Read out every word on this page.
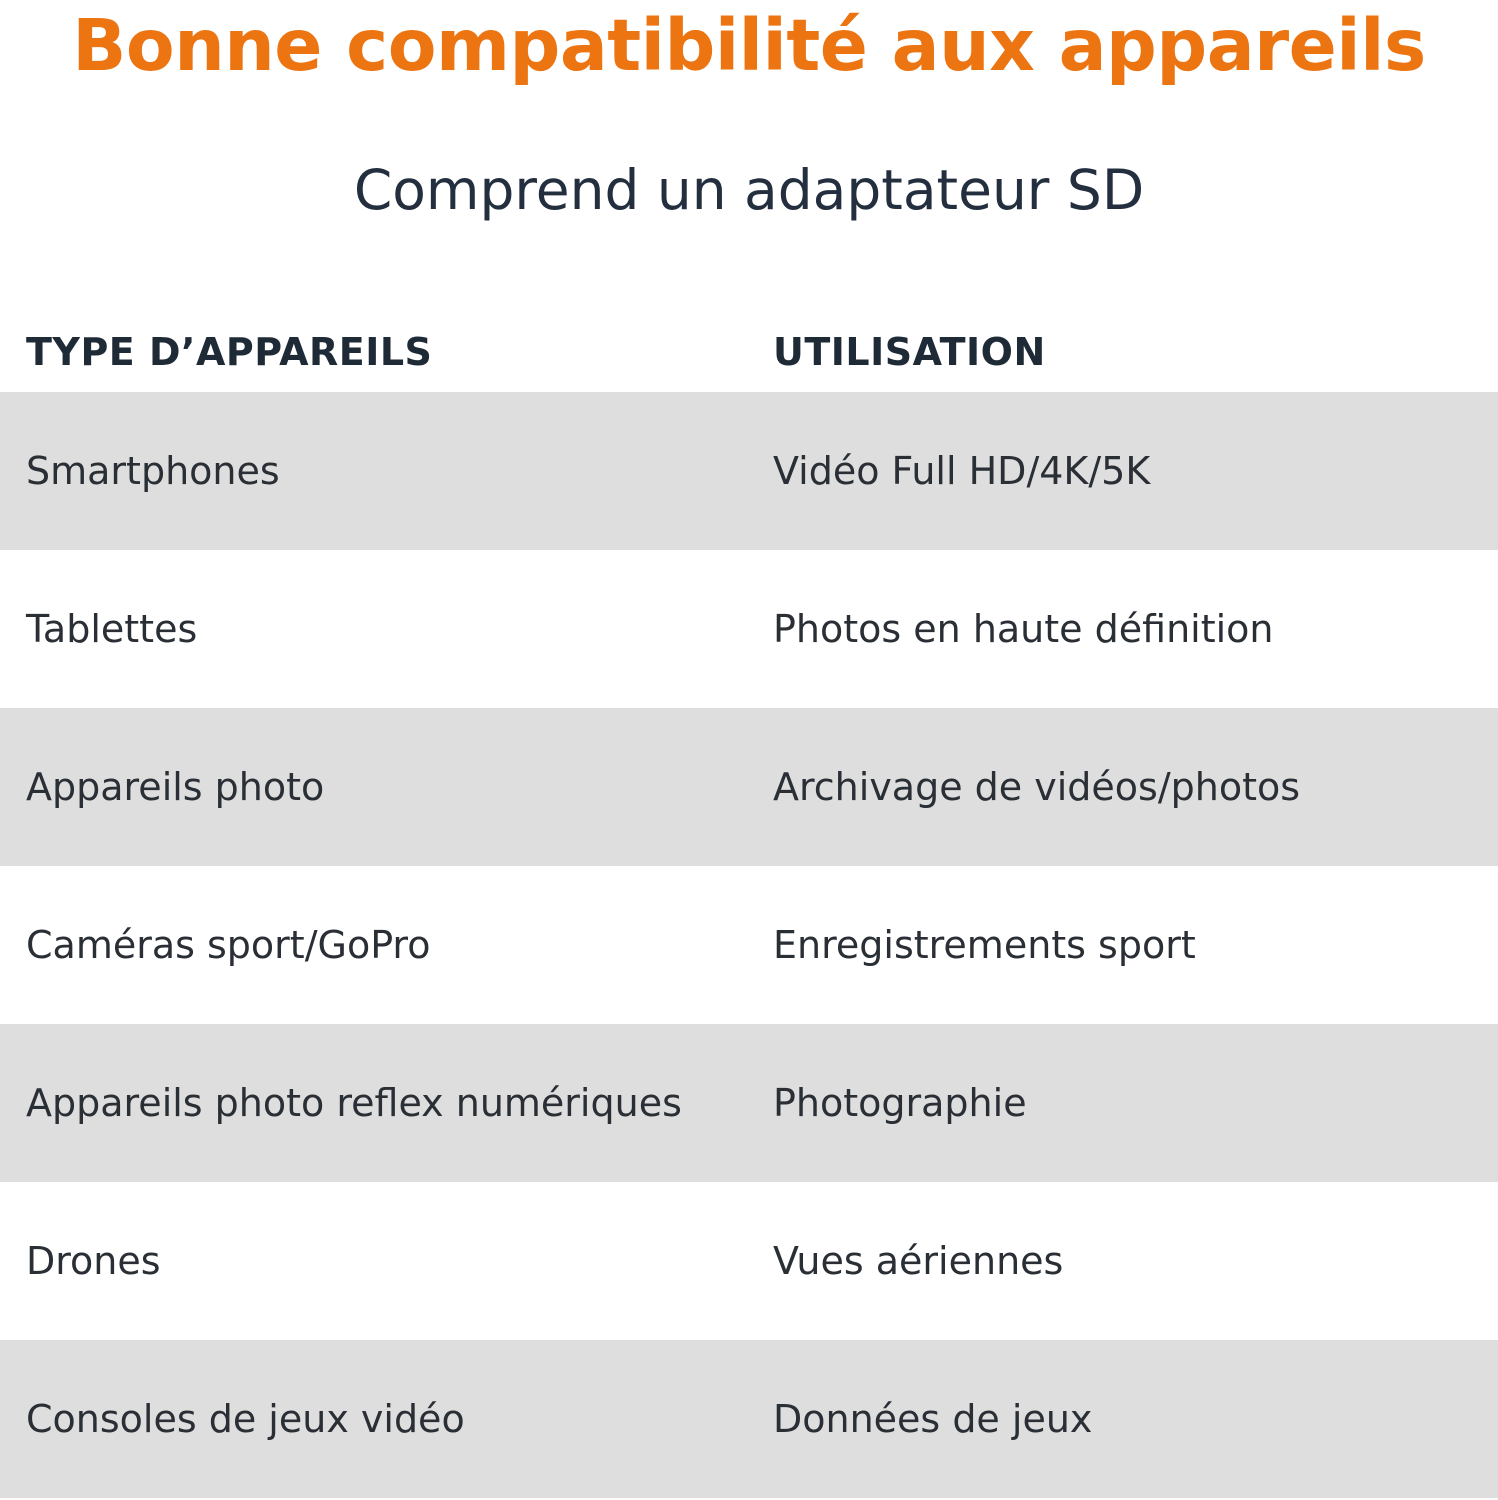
Bonne compatibilité aux appareils
Comprend un adaptateur SD
TYPE D’APPAREILS	UTILISATION
Smartphones	Vidéo Full HD/4K/5K
Tablettes	Photos en haute définition
Appareils photo	Archivage de vidéos/photos
Caméras sport/GoPro	Enregistrements sport
Appareils photo reflex numériques	Photographie
Drones	Vues aériennes
Consoles de jeux vidéo	Données de jeux
